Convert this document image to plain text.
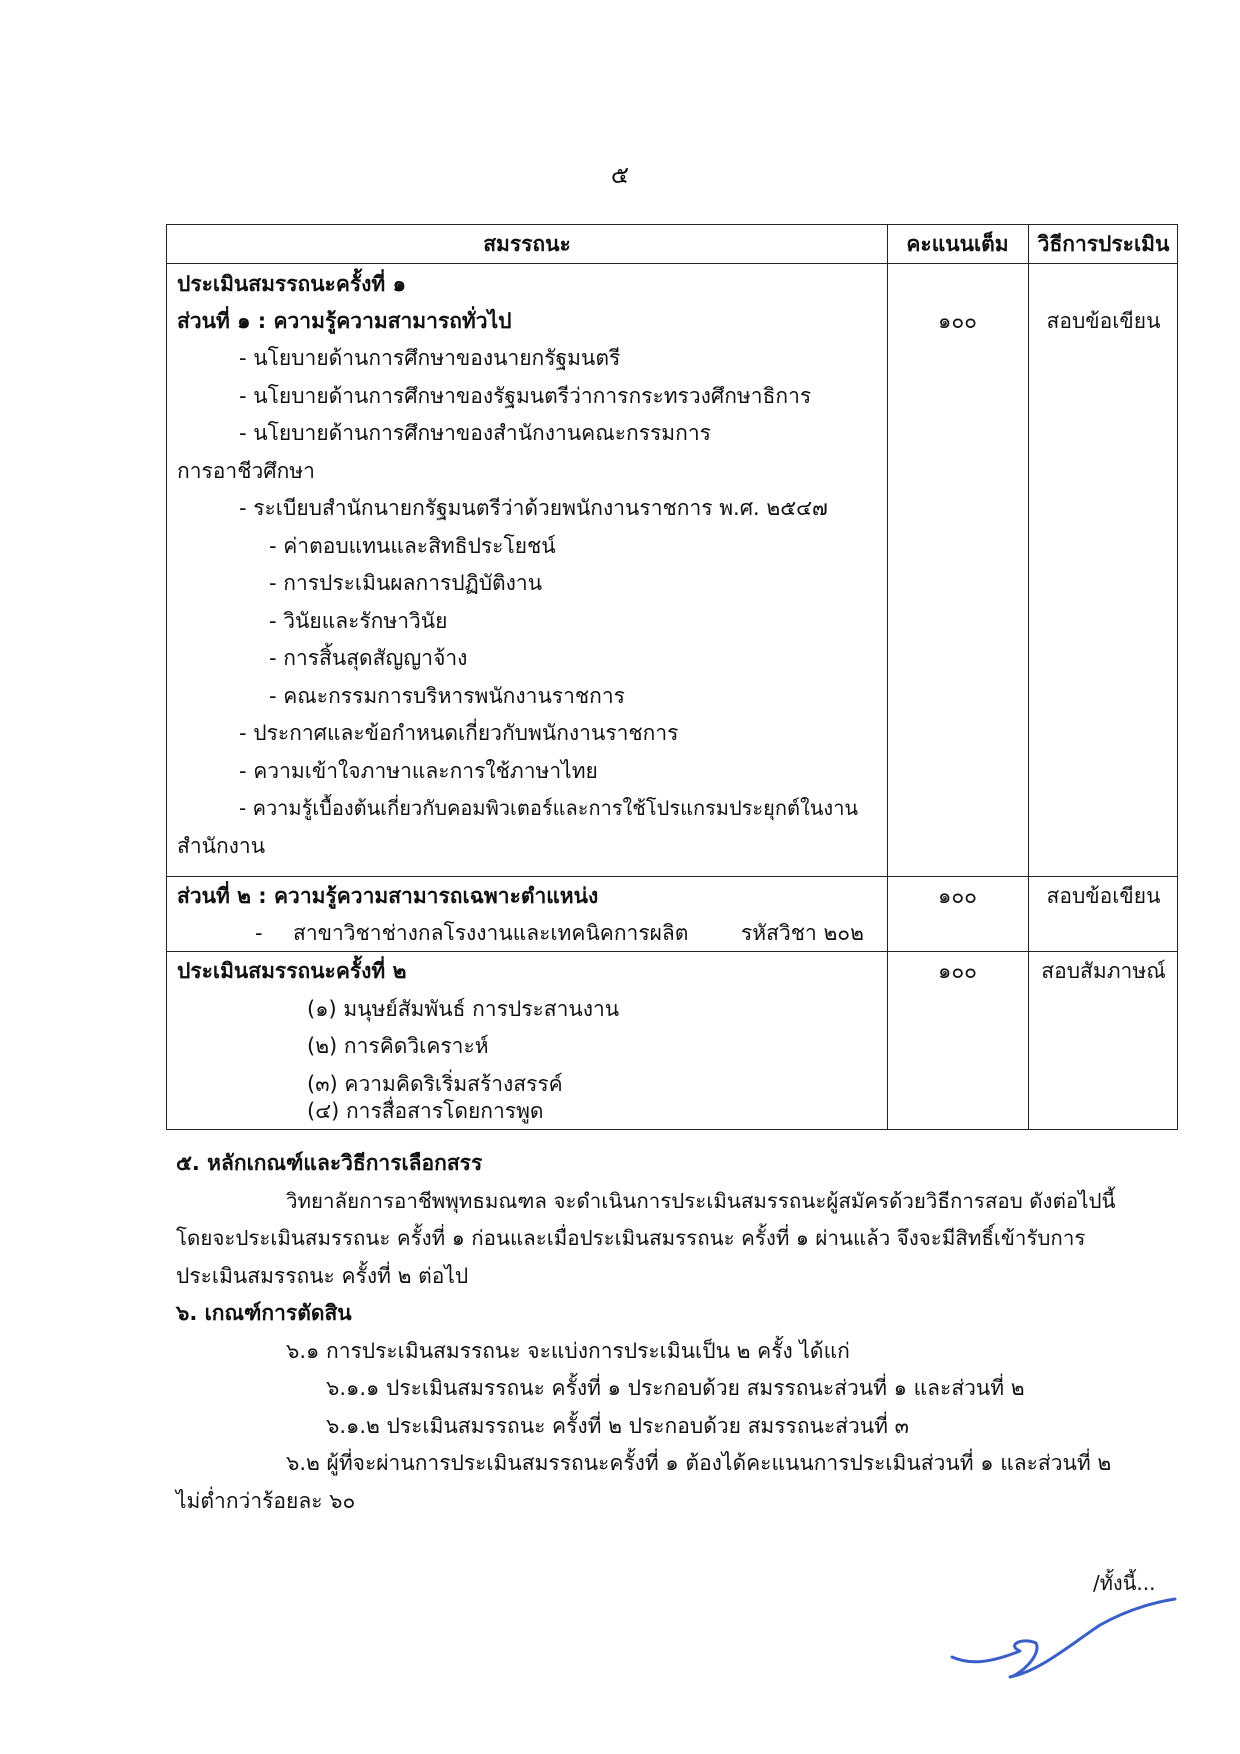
๕
สมรรถนะ	คะแนนเต็ม	วิธีการประเมิน
ประเมินสมรรถนะครั้งที่ ๑
ส่วนที่ ๑ : ความรู้ความสามารถทั่วไป	๑๐๐	สอบข้อเขียน
- นโยบายด้านการศึกษาของนายกรัฐมนตรี
- นโยบายด้านการศึกษาของรัฐมนตรีว่าการกระทรวงศึกษาธิการ
- นโยบายด้านการศึกษาของสำนักงานคณะกรรมการ
การอาชีวศึกษา
- ระเบียบสำนักนายกรัฐมนตรีว่าด้วยพนักงานราชการ พ.ศ. ๒๕๔๗
- ค่าตอบแทนและสิทธิประโยชน์
- การประเมินผลการปฏิบัติงาน
- วินัยและรักษาวินัย
- การสิ้นสุดสัญญาจ้าง
- คณะกรรมการบริหารพนักงานราชการ
- ประกาศและข้อกำหนดเกี่ยวกับพนักงานราชการ
- ความเข้าใจภาษาและการใช้ภาษาไทย
- ความรู้เบื้องต้นเกี่ยวกับคอมพิวเตอร์และการใช้โปรแกรมประยุกต์ในงาน
สำนักงาน
ส่วนที่ ๒ : ความรู้ความสามารถเฉพาะตำแหน่ง	๑๐๐	สอบข้อเขียน
- สาขาวิชาช่างกลโรงงานและเทคนิคการผลิต	รหัสวิชา ๒๐๒
ประเมินสมรรถนะครั้งที่ ๒	๑๐๐	สอบสัมภาษณ์
(๑) มนุษย์สัมพันธ์ การประสานงาน
(๒) การคิดวิเคราะห์
(๓) ความคิดริเริ่มสร้างสรรค์
(๔) การสื่อสารโดยการพูด
๕. หลักเกณฑ์และวิธีการเลือกสรร
วิทยาลัยการอาชีพพุทธมณฑล จะดำเนินการประเมินสมรรถนะผู้สมัครด้วยวิธีการสอบ ดังต่อไปนี้
โดยจะประเมินสมรรถนะ ครั้งที่ ๑ ก่อนและเมื่อประเมินสมรรถนะ ครั้งที่ ๑ ผ่านแล้ว จึงจะมีสิทธิ์เข้ารับการ
ประเมินสมรรถนะ ครั้งที่ ๒ ต่อไป
๖. เกณฑ์การตัดสิน
๖.๑ การประเมินสมรรถนะ จะแบ่งการประเมินเป็น ๒ ครั้ง ได้แก่
๖.๑.๑ ประเมินสมรรถนะ ครั้งที่ ๑ ประกอบด้วย สมรรถนะส่วนที่ ๑ และส่วนที่ ๒
๖.๑.๒ ประเมินสมรรถนะ ครั้งที่ ๒ ประกอบด้วย สมรรถนะส่วนที่ ๓
๖.๒ ผู้ที่จะผ่านการประเมินสมรรถนะครั้งที่ ๑ ต้องได้คะแนนการประเมินส่วนที่ ๑ และส่วนที่ ๒
ไม่ต่ำกว่าร้อยละ ๖๐
/ทั้งนี้...
